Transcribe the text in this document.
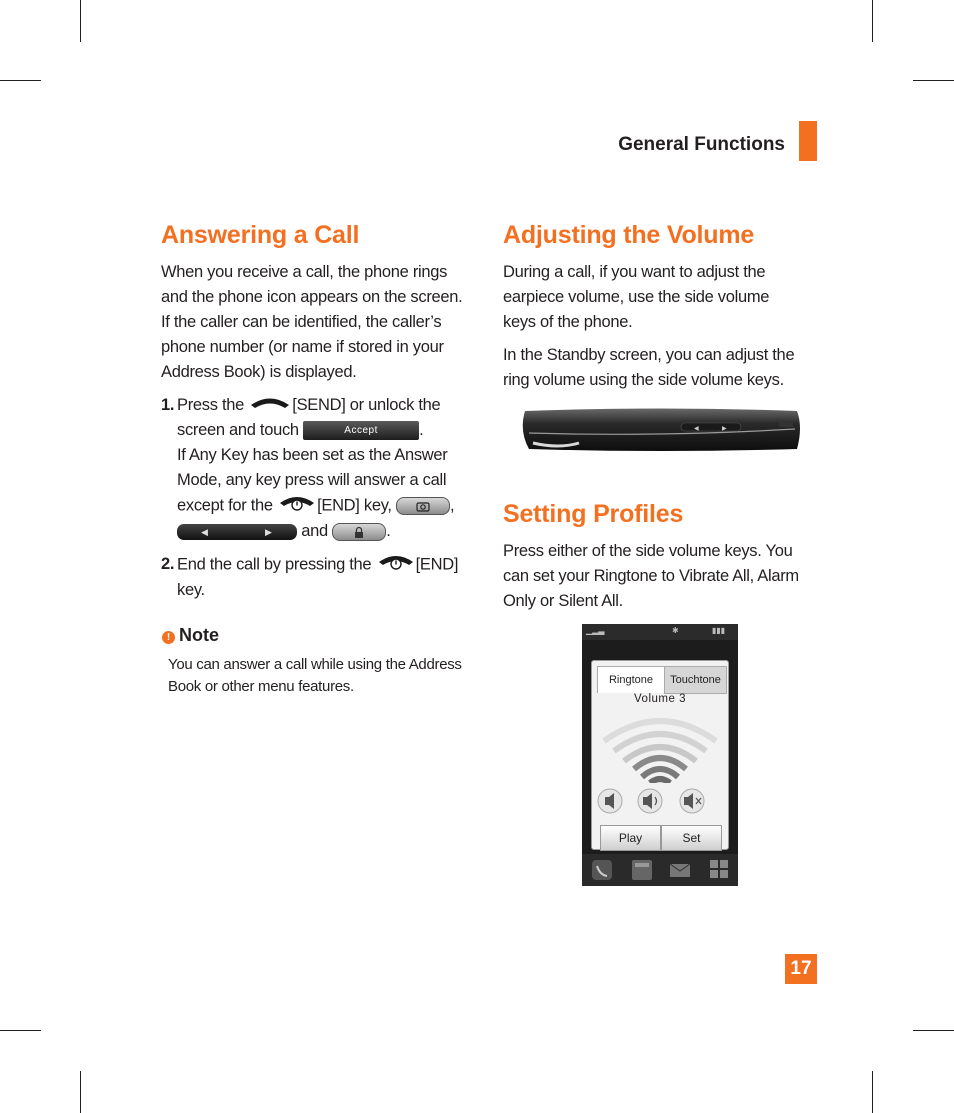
General Functions
Answering a Call

When you receive a call, the phone rings and the phone icon appears on the screen. If the caller can be identified, the caller’s phone number (or name if stored in your Address Book) is displayed.

1. Press the	[SEND] or unlock the screen and touch	Accept .
If Any Key has been set as the Answer Mode, any key press will answer a call except for the	[END] key,	,

◀	▶ and	.
2. End the call by pressing the	[END] key.
! Note
You can answer a call while using the Address Book or other menu features.
Adjusting the Volume

During a call, if you want to adjust the earpiece volume, use the side volume keys of the phone.

In the Standby screen, you can adjust the ring volume using the side volume keys.

◀	▶
Setting Profiles

Press either of the side volume keys. You can set your Ringtone to Vibrate All, Alarm Only or Silent All.

▁▂▃	✱	▮▮▮
Ringtone	Touchtone
Volume 3
Play	Set
17
